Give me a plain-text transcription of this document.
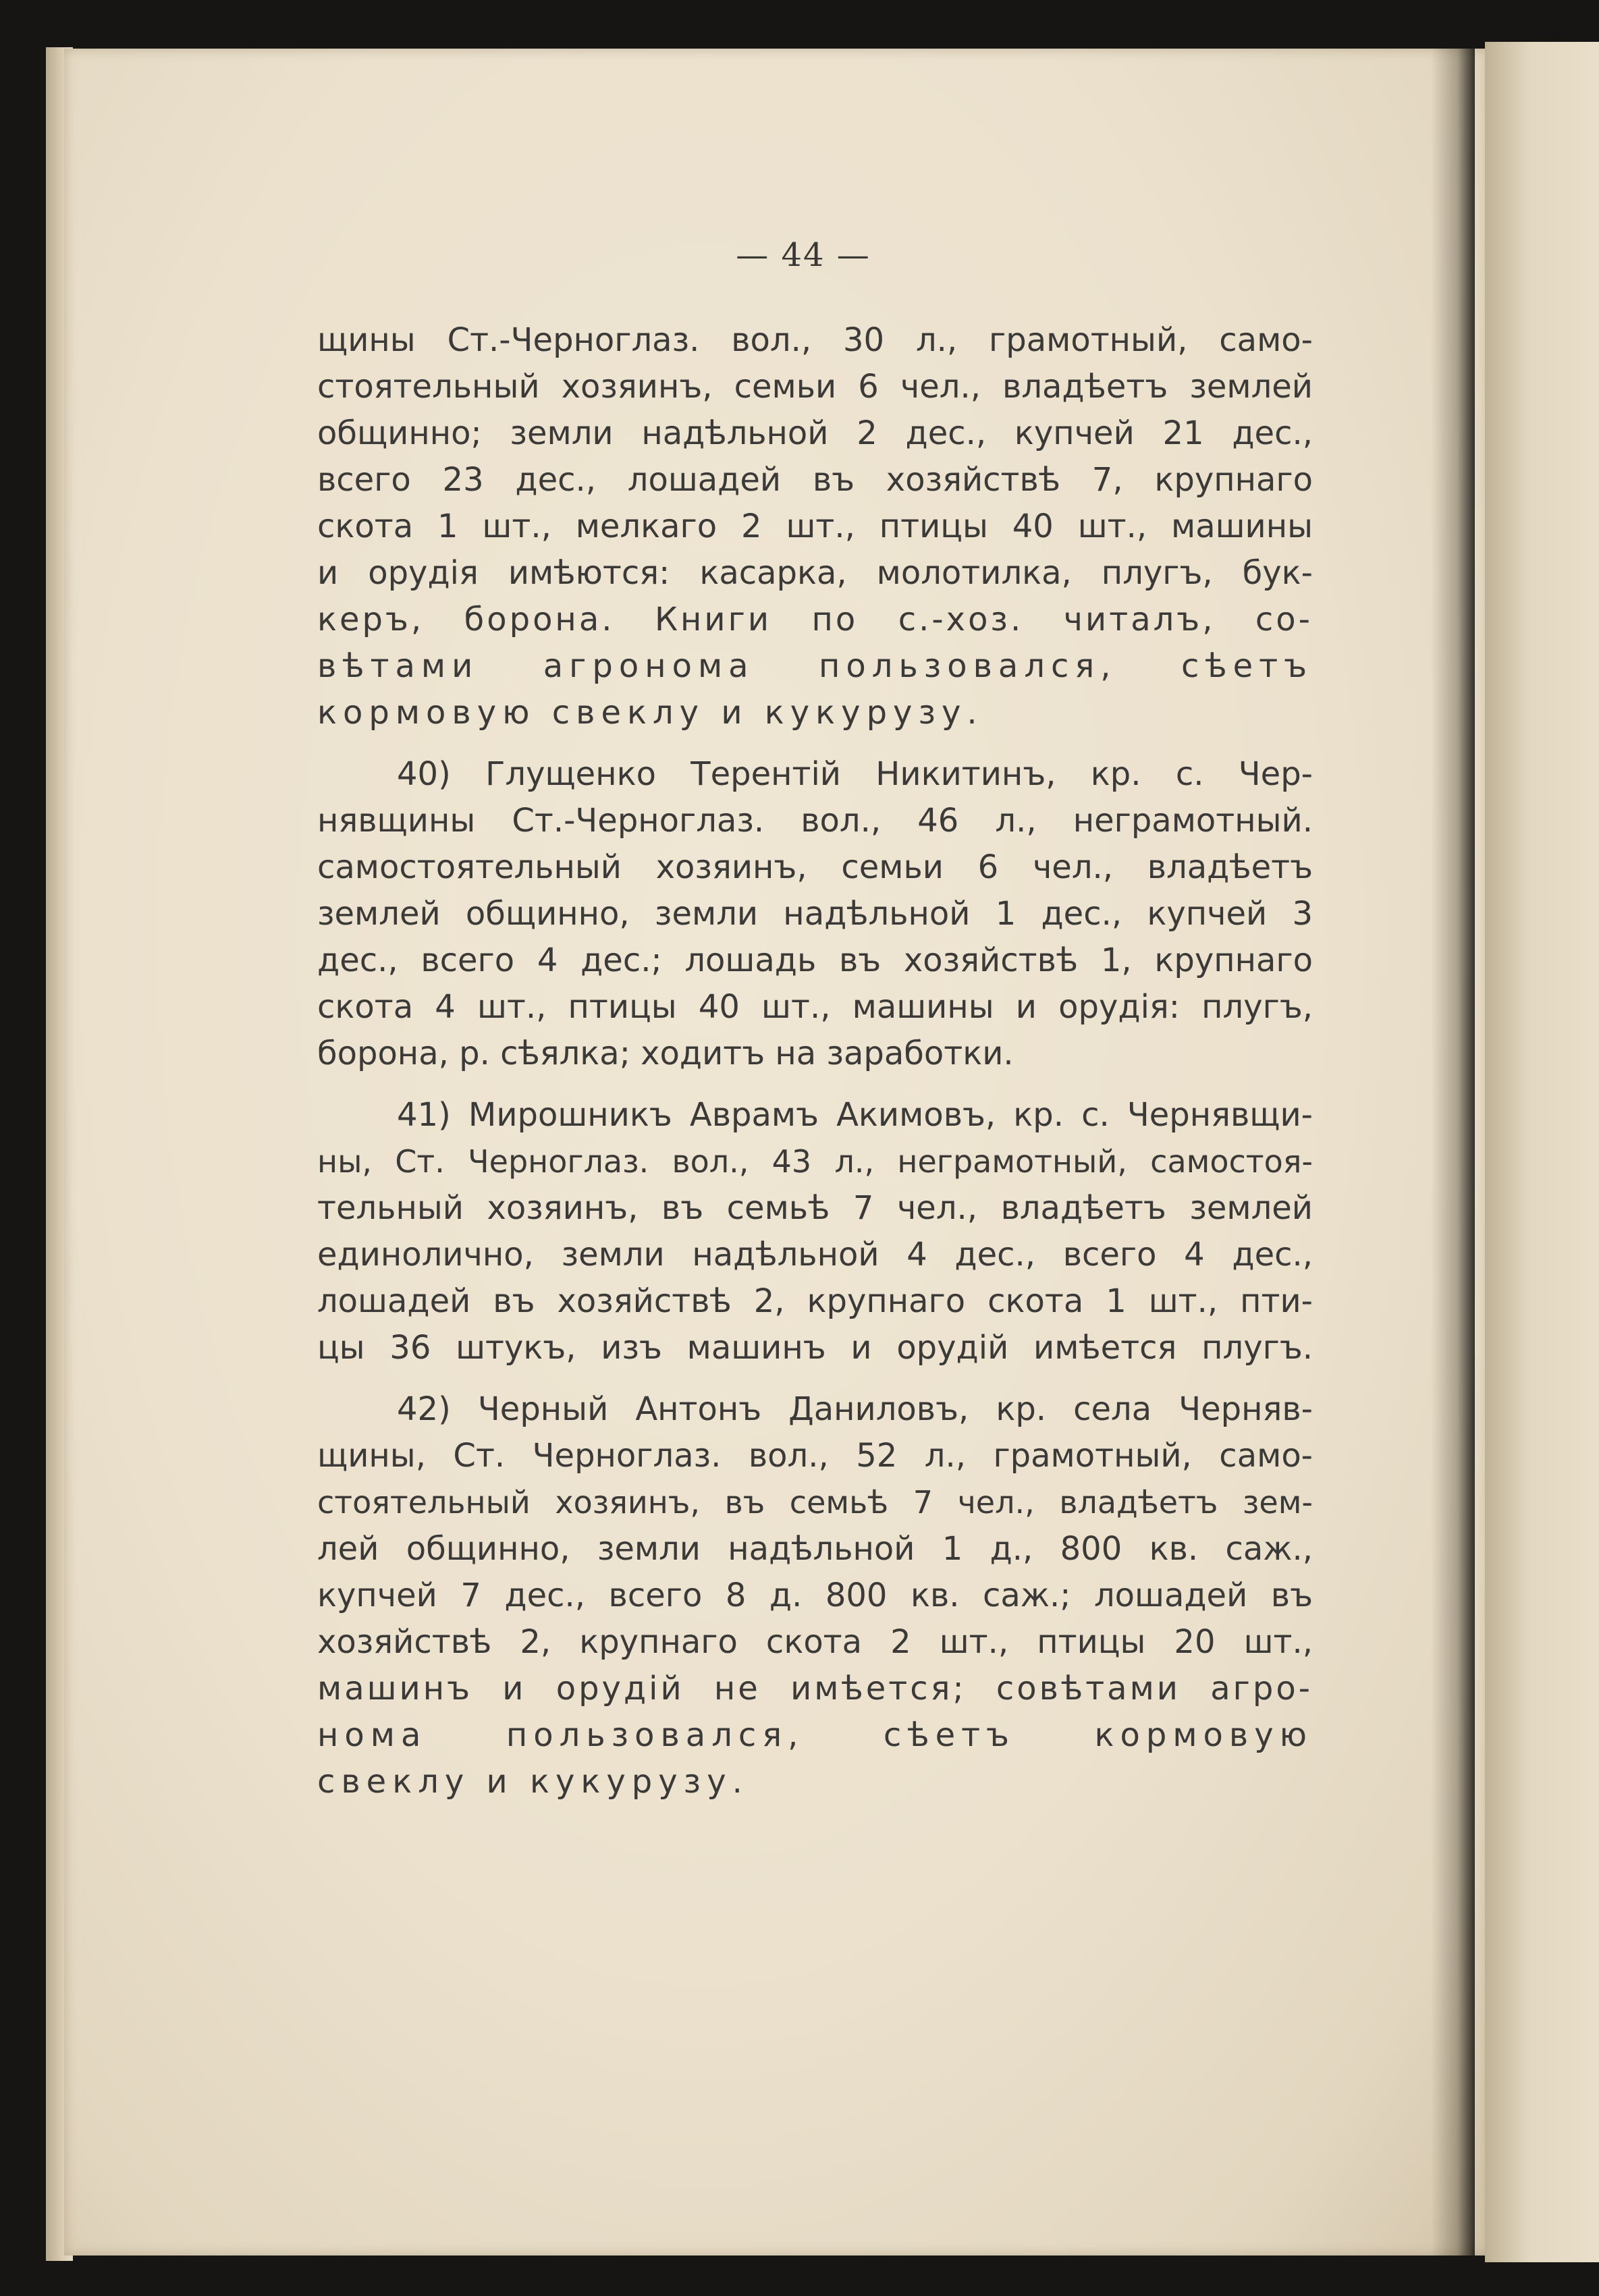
— 44 —
щины Ст.-Черноглаз. вол., 30 л., грамотный, само-
стоятельный хозяинъ, семьи 6 чел., владѣетъ землей
общинно; земли надѣльной 2 дес., купчей 21 дес.,
всего 23 дес., лошадей въ хозяйствѣ 7, крупнаго
скота 1 шт., мелкаго 2 шт., птицы 40 шт., машины
и орудія имѣются: касарка, молотилка, плугъ, бук-
керъ, борона. Книги по с.-хоз. читалъ, со-
вѣтами агронома пользовался, сѣетъ
кормовую свеклу и кукурузу.
40) Глущенко Терентій Никитинъ, кр. с. Чер-
нявщины Ст.-Черноглаз. вол., 46 л., неграмотный.
самостоятельный хозяинъ, семьи 6 чел., владѣетъ
землей общинно, земли надѣльной 1 дес., купчей 3
дес., всего 4 дес.; лошадь въ хозяйствѣ 1, крупнаго
скота 4 шт., птицы 40 шт., машины и орудія: плугъ,
борона, р. сѣялка; ходитъ на заработки.
41) Мирошникъ Аврамъ Акимовъ, кр. с. Чернявщи-
ны, Ст. Черноглаз. вол., 43 л., неграмотный, самостоя-
тельный хозяинъ, въ семьѣ 7 чел., владѣетъ землей
единолично, земли надѣльной 4 дес., всего 4 дес.,
лошадей въ хозяйствѣ 2, крупнаго скота 1 шт., пти-
цы 36 штукъ, изъ машинъ и орудій имѣется плугъ.
42) Черный Антонъ Даниловъ, кр. села Черняв-
щины, Ст. Черноглаз. вол., 52 л., грамотный, само-
стоятельный хозяинъ, въ семьѣ 7 чел., владѣетъ зем-
лей общинно, земли надѣльной 1 д., 800 кв. саж.,
купчей 7 дес., всего 8 д. 800 кв. саж.; лошадей въ
хозяйствѣ 2, крупнаго скота 2 шт., птицы 20 шт.,
машинъ и орудій не имѣется; совѣтами агро-
нома пользовался, сѣетъ кормовую
свеклу и кукурузу.
